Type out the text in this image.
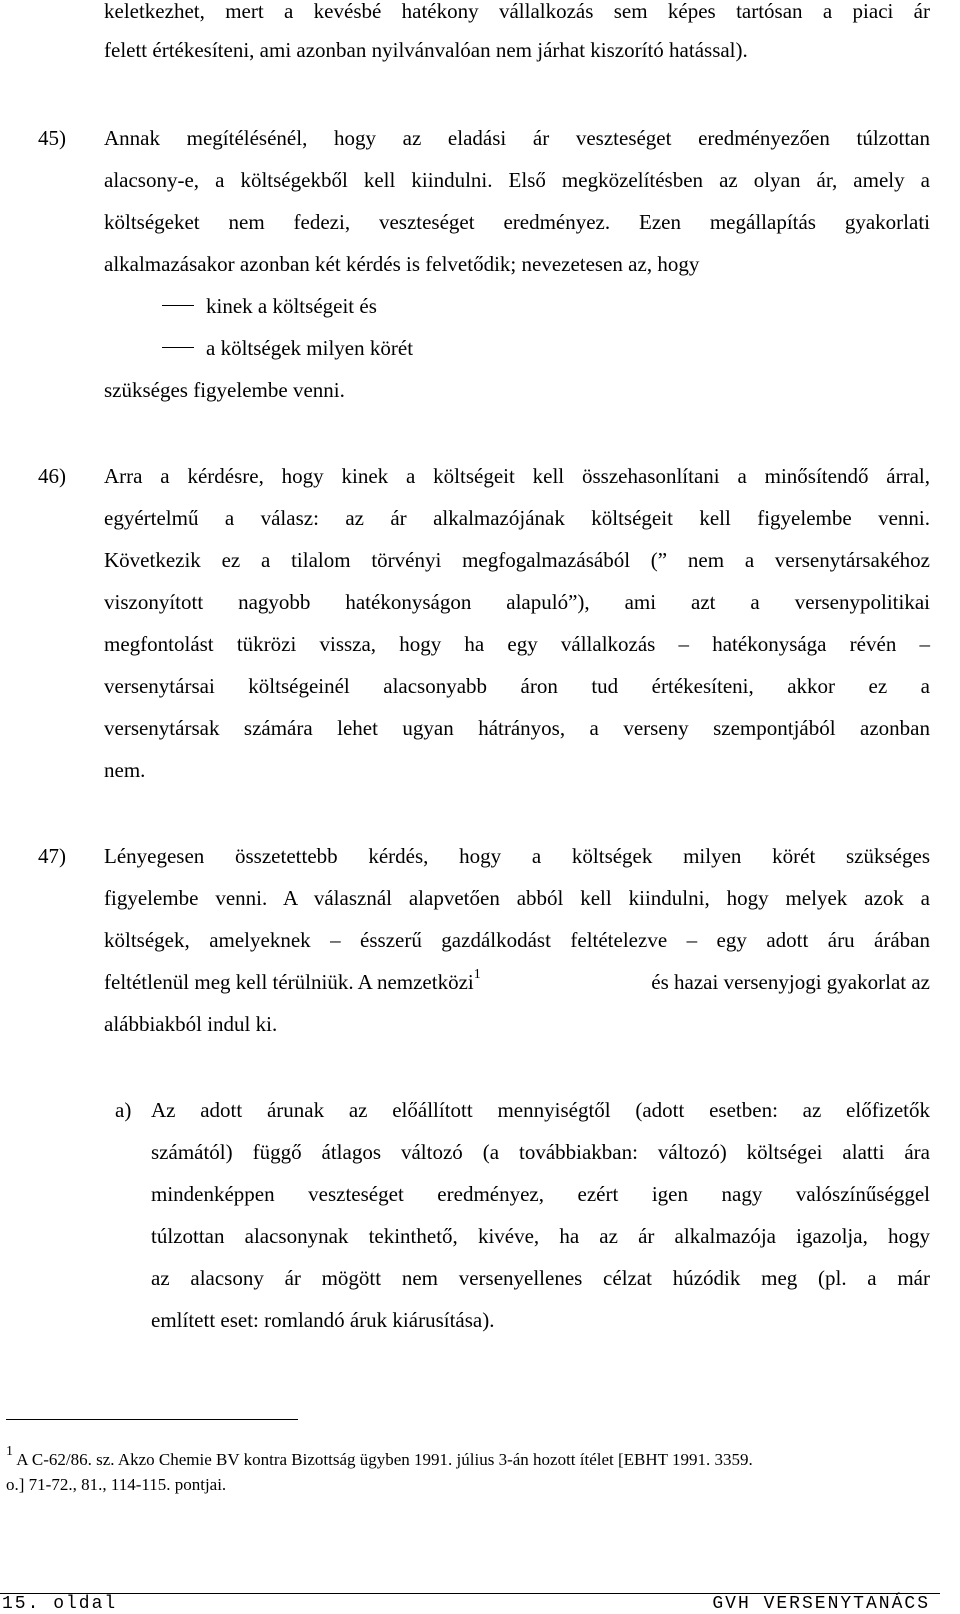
keletkezhet, mert a kevésbé hatékony vállalkozás sem képes tartósan a piaci ár
felett értékesíteni, ami azonban nyilvánvalóan nem járhat kiszorító hatással).
45) Annak megítélésénél, hogy az eladási ár veszteséget eredményezően túlzottan
alacsony-e, a költségekből kell kiindulni. Első megközelítésben az olyan ár, amely a
költségeket nem fedezi, veszteséget eredményez. Ezen megállapítás gyakorlati
alkalmazásakor azonban két kérdés is felvetődik; nevezetesen az, hogy
kinek a költségeit és
a költségek milyen körét
szükséges figyelembe venni.
46) Arra a kérdésre, hogy kinek a költségeit kell összehasonlítani a minősítendő árral,
egyértelmű a válasz: az ár alkalmazójának költségeit kell figyelembe venni.
Következik ez a tilalom törvényi megfogalmazásából (” nem a versenytársakéhoz
viszonyított nagyobb hatékonyságon alapuló”), ami azt a versenypolitikai
megfontolást tükrözi vissza, hogy ha egy vállalkozás – hatékonysága révén –
versenytársai költségeinél alacsonyabb áron tud értékesíteni, akkor ez a
versenytársak számára lehet ugyan hátrányos, a verseny szempontjából azonban
nem.
47) Lényegesen összetettebb kérdés, hogy a költségek milyen körét szükséges
figyelembe venni. A válasznál alapvetően abból kell kiindulni, hogy melyek azok a
költségek, amelyeknek – ésszerű gazdálkodást feltételezve – egy adott áru árában
feltétlenül meg kell térülniük. A nemzetközi$^1$	és hazai versenyjogi gyakorlat az
alábbiakból indul ki.
a) Az adott árunak az előállított mennyiségtől (adott esetben: az előfizetők
számától) függő átlagos változó (a továbbiakban: változó) költségei alatti ára
mindenképpen veszteséget eredményez, ezért igen nagy valószínűséggel
túlzottan alacsonynak tekinthető, kivéve, ha az ár alkalmazója igazolja, hogy
az alacsony ár mögött nem versenyellenes célzat húzódik meg (pl. a már
említett eset: romlandó áruk kiárusítása).
$^1$ A C-62/86. sz. Akzo Chemie BV kontra Bizottság ügyben 1991. július 3-án hozott ítélet [EBHT 1991. 3359.
o.] 71-72., 81., 114-115. pontjai.
15. oldal	GVH VERSENYTANÁCS
